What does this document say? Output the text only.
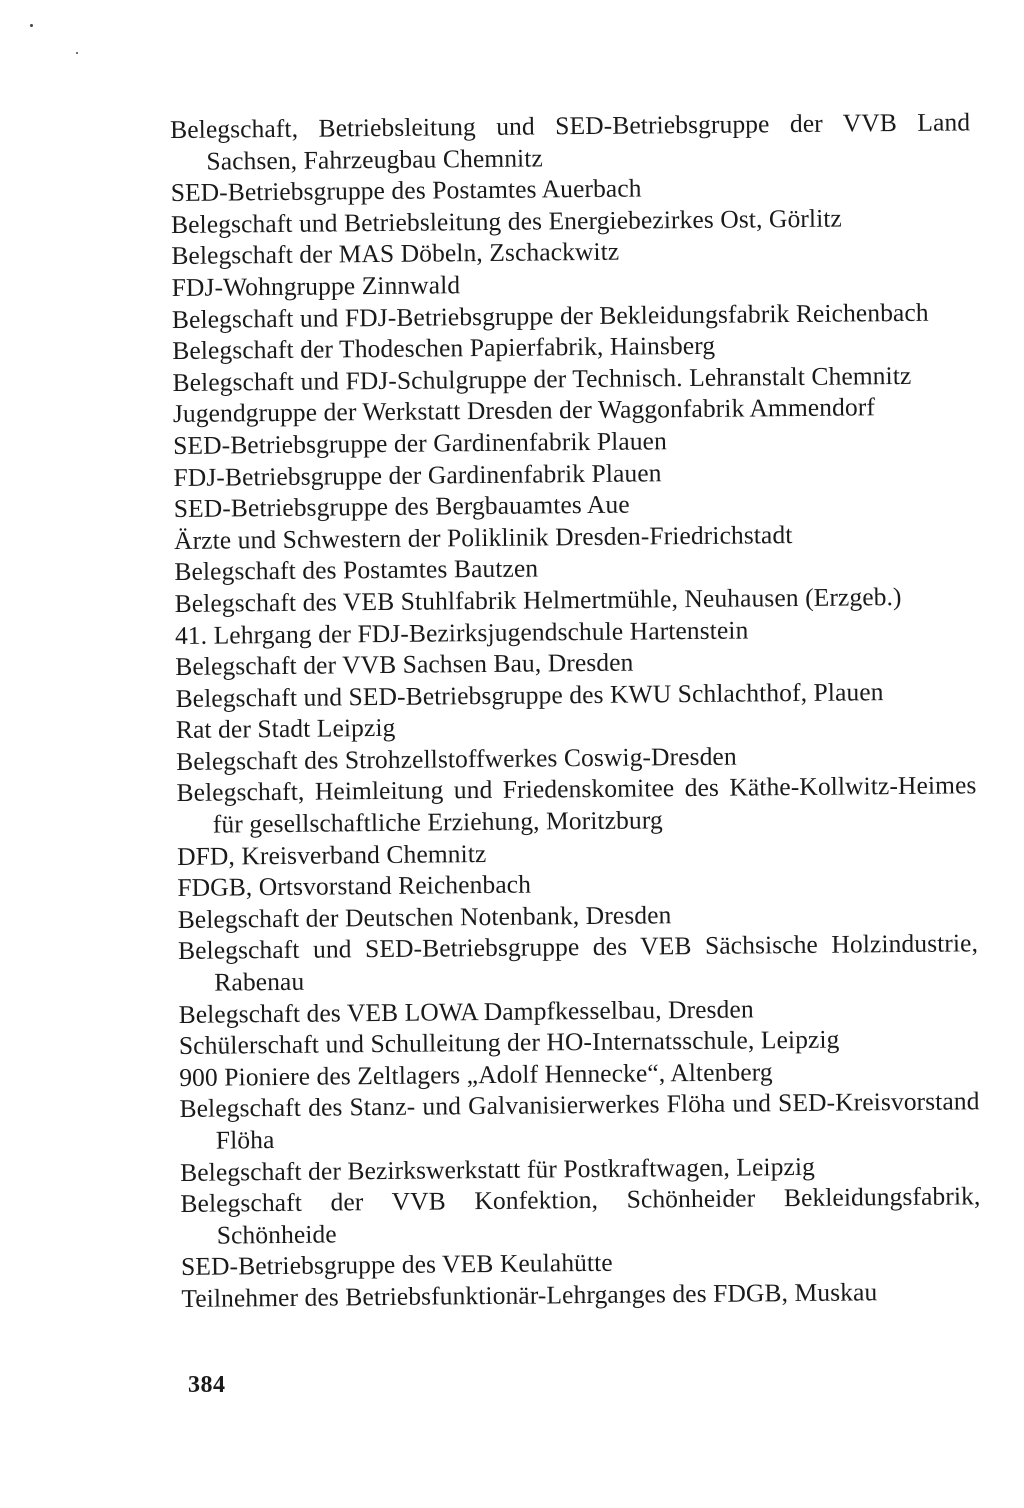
Belegschaft, Betriebsleitung und SED-Betriebsgruppe der VVB Land Sachsen, Fahrzeugbau Chemnitz
SED-Betriebsgruppe des Postamtes Auerbach
Belegschaft und Betriebsleitung des Energiebezirkes Ost, Görlitz
Belegschaft der MAS Döbeln, Zschackwitz
FDJ-Wohngruppe Zinnwald
Belegschaft und FDJ-Betriebsgruppe der Bekleidungsfabrik Reichenbach
Belegschaft der Thodeschen Papierfabrik, Hainsberg
Belegschaft und FDJ-Schulgruppe der Technisch. Lehranstalt Chemnitz
Jugendgruppe der Werkstatt Dresden der Waggonfabrik Ammendorf
SED-Betriebsgruppe der Gardinenfabrik Plauen
FDJ-Betriebsgruppe der Gardinenfabrik Plauen
SED-Betriebsgruppe des Bergbauamtes Aue
Ärzte und Schwestern der Poliklinik Dresden-Friedrichstadt
Belegschaft des Postamtes Bautzen
Belegschaft des VEB Stuhlfabrik Helmertmühle, Neuhausen (Erzgeb.)
41. Lehrgang der FDJ-Bezirksjugendschule Hartenstein
Belegschaft der VVB Sachsen Bau, Dresden
Belegschaft und SED-Betriebsgruppe des KWU Schlachthof, Plauen
Rat der Stadt Leipzig
Belegschaft des Strohzellstoffwerkes Coswig-Dresden
Belegschaft, Heimleitung und Friedenskomitee des Käthe-Kollwitz-Heimes für gesellschaftliche Erziehung, Moritzburg
DFD, Kreisverband Chemnitz
FDGB, Ortsvorstand Reichenbach
Belegschaft der Deutschen Notenbank, Dresden
Belegschaft und SED-Betriebsgruppe des VEB Sächsische Holzindustrie, Rabenau
Belegschaft des VEB LOWA Dampfkesselbau, Dresden
Schülerschaft und Schulleitung der HO-Internatsschule, Leipzig
900 Pioniere des Zeltlagers „Adolf Hennecke“, Altenberg
Belegschaft des Stanz- und Galvanisierwerkes Flöha und SED-Kreisvorstand Flöha
Belegschaft der Bezirkswerkstatt für Postkraftwagen, Leipzig
Belegschaft der VVB Konfektion, Schönheider Bekleidungsfabrik, Schönheide
SED-Betriebsgruppe des VEB Keulahütte
Teilnehmer des Betriebsfunktionär-Lehrganges des FDGB, Muskau
384
